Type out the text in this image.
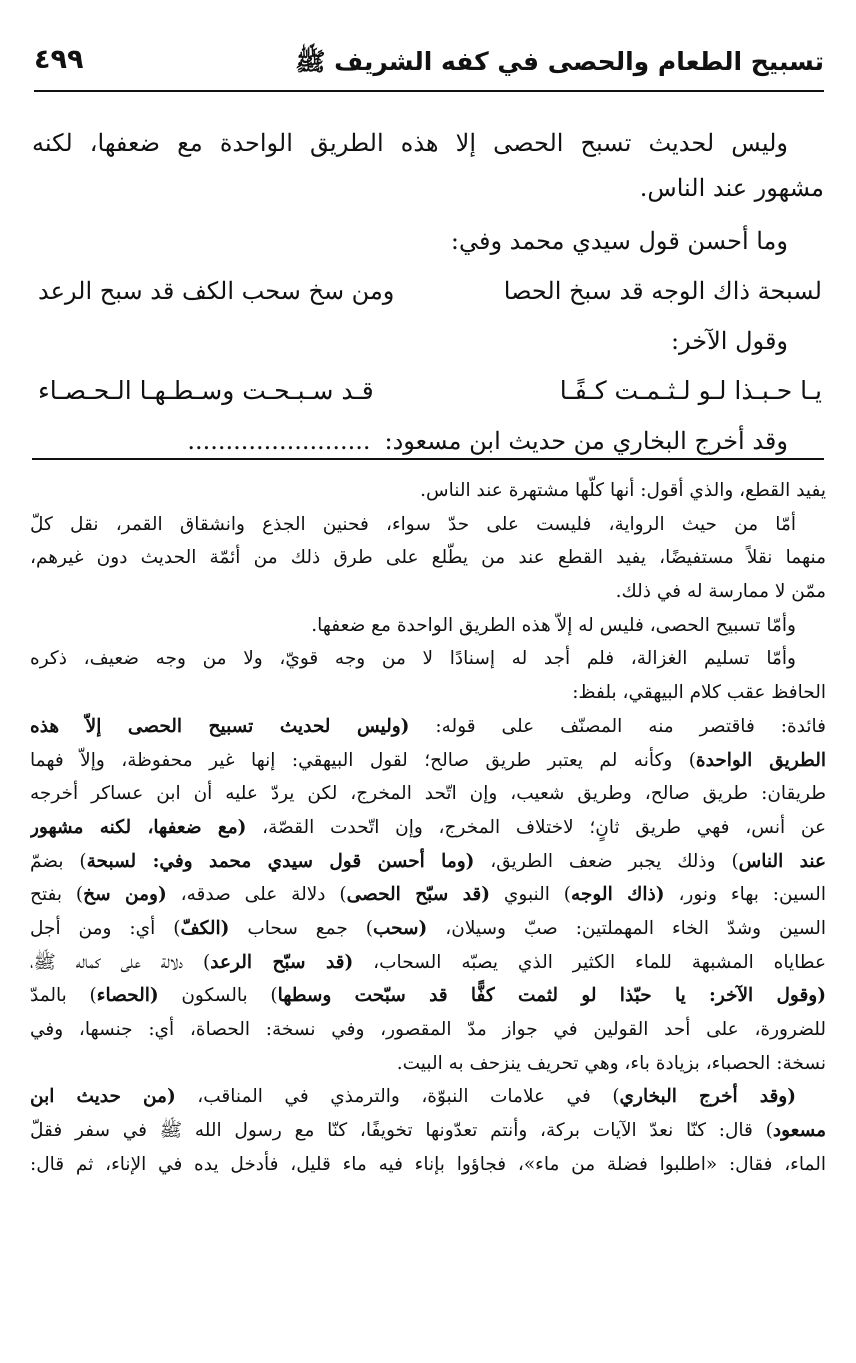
تسبيح الطعام والحصى في كفه الشريف ﷺ
٤٩٩
وليس لحديث تسبح الحصى إلا هذه الطريق الواحدة مع ضعفها، لكنه
مشهور عند الناس.
وما أحسن قول سيدي محمد وفي:
لسبحة ذاك الوجه قد سبخ الحصا
ومن سخ سحب الكف قد سبح الرعد
وقول الآخر:
يـا حـبـذا لـو لـثـمـت كـفًـا
قـد سـبـحـت وسـطـهـا الـحـصـاء
وقد أخرج البخاري من حديث ابن مسعود:........................
يفيد القطع، والذي أقول: أنها كلّها مشتهرة عند الناس.
أمّا من حيث الرواية، فليست على حدّ سواء، فحنين الجذع وانشقاق القمر، نقل كلّ
منهما نقلاً مستفيضًا، يفيد القطع عند من يطّلع على طرق ذلك من أئمّة الحديث دون غيرهم،
ممّن لا ممارسة له في ذلك.
وأمّا تسبيح الحصى، فليس له إلاّ هذه الطريق الواحدة مع ضعفها.
وأمّا تسليم الغزالة، فلم أجد له إسنادًا لا من وجه قويّ، ولا من وجه ضعيف، ذكره
الحافظ عقب كلام البيهقي، بلفظ:
فائدة: فاقتصر منه المصنّف على قوله: (وليس لحديث تسبيح الحصى إلاّ هذه
الطريق الواحدة) وكأنه لم يعتبر طريق صالح؛ لقول البيهقي: إنها غير محفوظة، وإلاّ فهما
طريقان: طريق صالح، وطريق شعيب، وإن اتّحد المخرج، لكن يردّ عليه أن ابن عساكر أخرجه
عن أنس، فهي طريق ثانٍ؛ لاختلاف المخرج، وإن اتّحدت القصّة، (مع ضعفها، لكنه مشهور
عند الناس) وذلك يجبر ضعف الطريق، (وما أحسن قول سيدي محمد وفي: لسبحة) بضمّ
السين: بهاء ونور، (ذاك الوجه) النبوي (قد سبّح الحصى) دلالة على صدقه، (ومن سخ) بفتح
السين وشدّ الخاء المهملتين: صبّ وسيلان، (سحب) جمع سحاب (الكفّ) أي: ومن أجل
عطاياه المشبهة للماء الكثير الذي يصبّه السحاب، (قد سبّح الرعد) دلالة على كماله ﷺ،
(وقول الآخر: يا حبّذا لو لثمت كفًّا قد سبّحت وسطها) بالسكون (الحصاء) بالمدّ
للضرورة، على أحد القولين في جواز مدّ المقصور، وفي نسخة: الحصاة، أي: جنسها، وفي
نسخة: الحصباء، بزيادة باء، وهي تحريف ينزحف به البيت.
(وقد أخرج البخاري) في علامات النبوّة، والترمذي في المناقب، (من حديث ابن
مسعود) قال: كنّا نعدّ الآيات بركة، وأنتم تعدّونها تخويفًا، كنّا مع رسول الله ﷺ في سفر فقلّ
الماء، فقال: «اطلبوا فضلة من ماء»، فجاؤوا بإناء فيه ماء قليل، فأدخل يده في الإناء، ثم قال:
